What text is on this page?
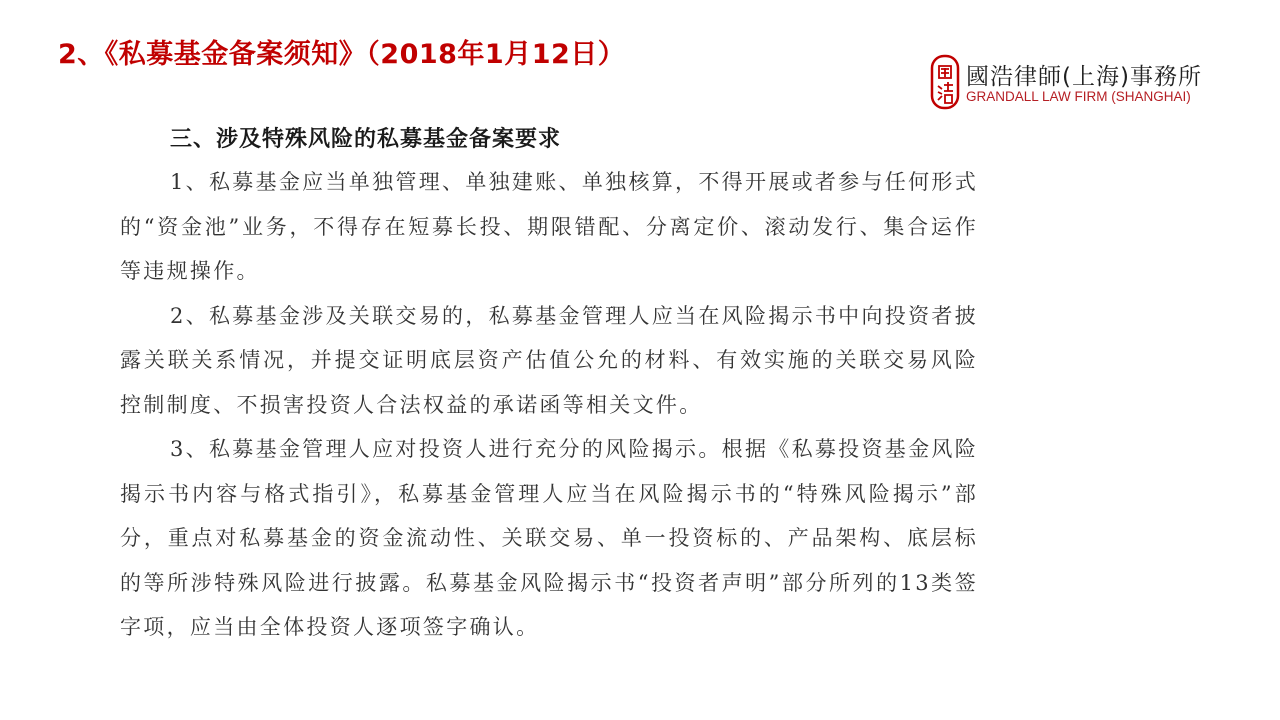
2、《私募基金备案须知》（2018年1月12日）
國浩律師(上海)事務所
GRANDALL LAW FIRM (SHANGHAI)
三、涉及特殊风险的私募基金备案要求

1、私募基金应当单独管理、单独建账、单独核算，不得开展或者参与任何形式的“资金池”业务，不得存在短募长投、期限错配、分离定价、滚动发行、集合运作等违规操作。

2、私募基金涉及关联交易的，私募基金管理人应当在风险揭示书中向投资者披露关联关系情况，并提交证明底层资产估值公允的材料、有效实施的关联交易风险控制制度、不损害投资人合法权益的承诺函等相关文件。

3、私募基金管理人应对投资人进行充分的风险揭示。根据《私募投资基金风险揭示书内容与格式指引》，私募基金管理人应当在风险揭示书的“特殊风险揭示”部分，重点对私募基金的资金流动性、关联交易、单一投资标的、产品架构、底层标的等所涉特殊风险进行披露。私募基金风险揭示书“投资者声明”部分所列的13类签字项，应当由全体投资人逐项签字确认。
